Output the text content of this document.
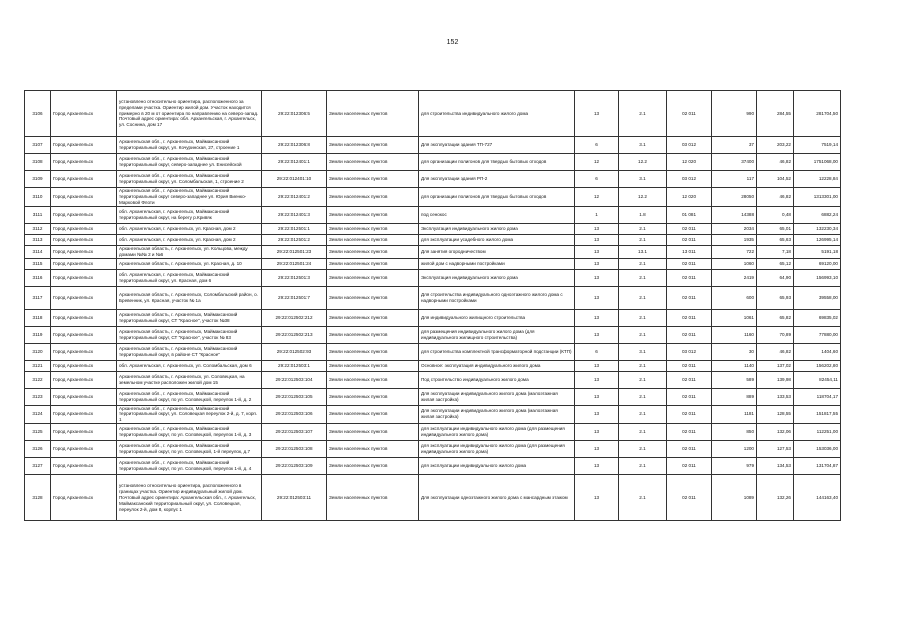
152
3106	Город Архангельск	установлено относительно ориентира, расположенного за пределами участка. Ориентир жилой дом. Участок находится примерно в 20 м от ориентира по направлению на северо-запад. Почтовый адрес ориентира: обл. Архангельская, г. Архангельск, ул. Соснина, дом 17	29:22:012306:5	Земли населенных пунктов	для строительства индивидуального жилого дома	13	2.1	02 011	990	284,55	281704,50
3107	Город Архангельск	Архангельская обл., г. Архангельск, Маймаксанский территориальный округ, ул. Кочуринская, 27, строение 1	29:22:012306:8	Земли населенных пунктов	Для эксплуатации здания ТП-727	6	3.1	03 012	37	203,22	7519,14
3108	Город Архангельск	Архангельская обл., г. Архангельск, Маймаксанский территориальный округ, северо-западнее ул. Енисейской	29:22:012401:1	Земли населенных пунктов	для организации полигонов для твердых бытовых отходов	12	12.2	12 020	37400	46,82	1751068,00
3109	Город Архангельск	Архангельская обл., г. Архангельск, Маймаксанский территориальный округ, ул. Соломбальская, 1, строение 2	29:22:012401:10	Земли населенных пунктов	Для эксплуатации здания РП-2	6	3.1	03 012	117	104,52	12228,84
3110	Город Архангельск	Архангельская обл., г. Архангельск, Маймаксанский территориальный округ северо-западнее ул. Юрия Виенко-Марковой Флоти	29:22:012401:2	Земли населенных пунктов	для организации полигонов для твердых бытовых отходов	12	12.2	12 020	28050	46,82	1313301,00
3111	Город Архангельск	обл. Архангельская, г. Архангельск, Маймаксанский территориальный округ, на берегу р.Кривяк	29:22:012401:3	Земли населенных пунктов	под сенокос	1	1.8	01 081	14388	0,48	6882,24
3112	Город Архангельск	обл. Архангельская, г. Архангельск, ул. Красная, дом 2	29:22:012501:1	Земли населенных пунктов	Эксплуатация индивидуального жилого дома	13	2.1	02 011	2034	65,01	132230,34
3113	Город Архангельск	обл. Архангельская, г. Архангельск, ул. Красная, дом 2	29:22:012501:2	Земли населенных пунктов	для эксплуатации усадебного жилого дома	13	2.1	02 011	1935	65,63	126995,14
3114	Город Архангельск	Архангельская область, г. Архангельск, ул. Кольцова, между домами №№ 2 и №6	29:22:012501:23	Земли населенных пунктов	Для занятия огородничеством	13	13.1	13 011	722	7,18	5191,18
3115	Город Архангельск	Архангельская область, г. Архангельск, ул. Красная, д. 10	29:22:012501:24	Земли населенных пунктов	жилой дом с надворными постройками	13	2.1	02 011	1060	65,12	69120,00
3116	Город Архангельск	обл. Архангельская, г. Архангельск, Маймаксанский территориальный округ, ул. Красная, дом 6	29:22:012501:3	Земли населенных пунктов	Эксплуатация индивидуального жилого дома	13	2.1	02 011	2419	64,90	156993,10
3117	Город Архангельск	Архангельская область, г. Архангельск, Соломбальский район, о. Бревенник, ул. Красная, участок № 1а	29:22:012501:7	Земли населенных пунктов	Для строительства индивидуального одноэтажного жилого дома с надворными постройками	13	2.1	02 011	600	65,93	39558,00
3118	Город Архангельск	Архангельская область, г. Архангельск, Маймаксанский территориальный округ, СТ "Красное", участок №38	29:22:012502:212	Земли населенных пунктов	Для индивидуального жилищного строительства	13	2.1	02 011	1061	65,82	69835,02
3119	Город Архангельск	Архангельская область, г. Архангельск, Маймаксанский территориальный округ, СТ "Красное", участок № 83	29:22:012502:213	Земли населенных пунктов	для размещения индивидуального жилого дома (для индивидуального жилищного строительства)	13	2.1	02 011	1160	70,89	77880,00
3120	Город Архангельск	Архангельская область, г. Архангельск, Маймаксанский территориальный округ, в районе СТ "Красное"	29:22:012502:93	Земли населенных пунктов	для строительства комплектной трансформаторной подстанции (КТП)	6	3.1	03 012	30	46,82	1404,60
3121	Город Архангельск	обл. Архангельская, г. Архангельск, ул. Соломбальская, дом 6	29:22:012503:1	Земли населенных пунктов	Основное: эксплуатация индивидуального жилого дома	13	2.1	02 011	1140	137,02	156202,80
3122	Город Архангельск	Архангельская область, г. Архангельск, ул. Соловецкая, на земельном участке расположен жилой дом 15	29:22:012503:104	Земли населенных пунктов	Под строительство индивидуального жилого дома	13	2.1	02 011	589	139,98	82454,11
3123	Город Архангельск	Архангельская обл., г. Архангельск, Маймаксанский территориальный округ, по ул. Соловецкой, переулок 1-й, д. 2	29:22:012503:105	Земли населенных пунктов	Для эксплуатации индивидуального жилого дома (малоэтажная жилая застройка)	13	2.1	02 011	889	133,53	118704,17
3124	Город Архангельск	Архангельская обл., г. Архангельск, Маймаксанский территориальный округ, ул. Соловецкая переулок 2-й, д. 7, корп. 1	29:22:012503:106	Земли населенных пунктов	Для эксплуатации индивидуального жилого дома (малоэтажная жилая застройка)	13	2.1	02 011	1181	128,55	151817,55
3125	Город Архангельск	Архангельская обл., г. Архангельск, Маймаксанский территориальный округ, по ул. Соловецкой, переулок 1-й, д. 3	29:22:012503:107	Земли населенных пунктов	для эксплуатации индивидуального жилого дома (для размещения индивидуального жилого дома)	13	2.1	02 011	850	132,06	112251,00
3126	Город Архангельск	Архангельская обл., г. Архангельск, Маймаксанский территориальный округ, по ул. Соловецкой, 1-й переулок, д.7	29:22:012503:108	Земли населенных пунктов	для эксплуатации индивидуального жилого дома (для размещения индивидуального жилого дома)	13	2.1	02 011	1200	127,53	153036,00
3127	Город Архангельск	Архангельская обл., г. Архангельск, Маймаксанский территориальный округ, по ул. Соловецкой, переулок 1-й, д. 4	29:22:012503:109	Земли населенных пунктов	для эксплуатации индивидуального жилого дома	13	2.1	02 011	979	134,53	131704,87
3128	Город Архангельск	установлено относительно ориентира, расположенного в границах участка. Ориентир индивидуальный жилой дом. Почтовый адрес ориентира: Архангельская обл., г. Архангельск, Маймаксанский территориальный округ, ул. Соловецкая, переулок 2-й, дом 8, корпус 1	29:22:012503:11	Земли населенных пунктов	Для эксплуатации одноэтажного жилого дома с мансардным этажом	13	2.1	02 011	1089	132,26	144163,40
